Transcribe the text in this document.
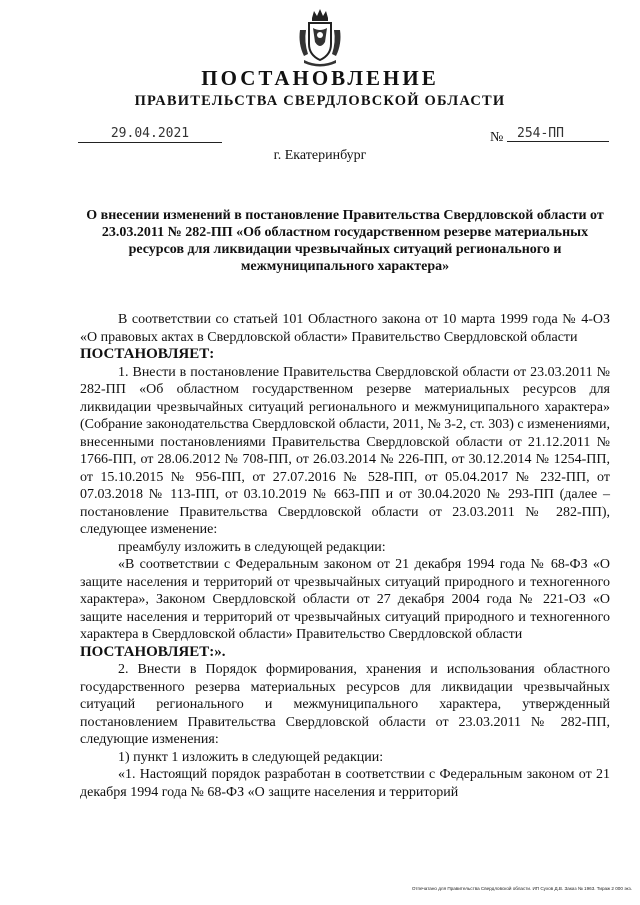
ПОСТАНОВЛЕНИЕ
ПРАВИТЕЛЬСТВА СВЕРДЛОВСКОЙ ОБЛАСТИ
29.04.2021	№	254-ПП
г. Екатеринбург
О внесении изменений в постановление Правительства Свердловской области от 23.03.2011 № 282-ПП «Об областном государственном резерве материальных ресурсов для ликвидации чрезвычайных ситуаций регионального и межмуниципального характера»

В соответствии со статьей 101 Областного закона от 10 марта 1999 года № 4-ОЗ «О правовых актах в Свердловской области» Правительство Свердловской области

ПОСТАНОВЛЯЕТ:

1. Внести в постановление Правительства Свердловской области от 23.03.2011 № 282-ПП «Об областном государственном резерве материальных ресурсов для ликвидации чрезвычайных ситуаций регионального и межмуниципального характера» (Собрание законодательства Свердловской области, 2011, № 3-2, ст. 303) с изменениями, внесенными постановлениями Правительства Свердловской области от 21.12.2011 № 1766-ПП, от 28.06.2012 № 708-ПП, от 26.03.2014 № 226-ПП, от 30.12.2014 № 1254-ПП, от 15.10.2015 № 956-ПП, от 27.07.2016 № 528-ПП, от 05.04.2017 № 232-ПП, от 07.03.2018 № 113-ПП, от 03.10.2019 № 663-ПП и от 30.04.2020 № 293-ПП (далее – постановление Правительства Свердловской области от 23.03.2011 № 282-ПП), следующее изменение:

преамбулу изложить в следующей редакции:

«В соответствии с Федеральным законом от 21 декабря 1994 года № 68-ФЗ «О защите населения и территорий от чрезвычайных ситуаций природного и техногенного характера», Законом Свердловской области от 27 декабря 2004 года № 221-ОЗ «О защите населения и территорий от чрезвычайных ситуаций природного и техногенного характера в Свердловской области» Правительство Свердловской области

ПОСТАНОВЛЯЕТ:».

2. Внести в Порядок формирования, хранения и использования областного государственного резерва материальных ресурсов для ликвидации чрезвычайных ситуаций регионального и межмуниципального характера, утвержденный постановлением Правительства Свердловской области от 23.03.2011 № 282-ПП, следующие изменения:

1) пункт 1 изложить в следующей редакции:

«1. Настоящий порядок разработан в соответствии с Федеральным законом от 21 декабря 1994 года № 68-ФЗ «О защите населения и территорий

Отпечатано для Правительства Свердловской области. ИП Сухов Д.В. Заказ № 1963. Тираж 2 000 экз.
